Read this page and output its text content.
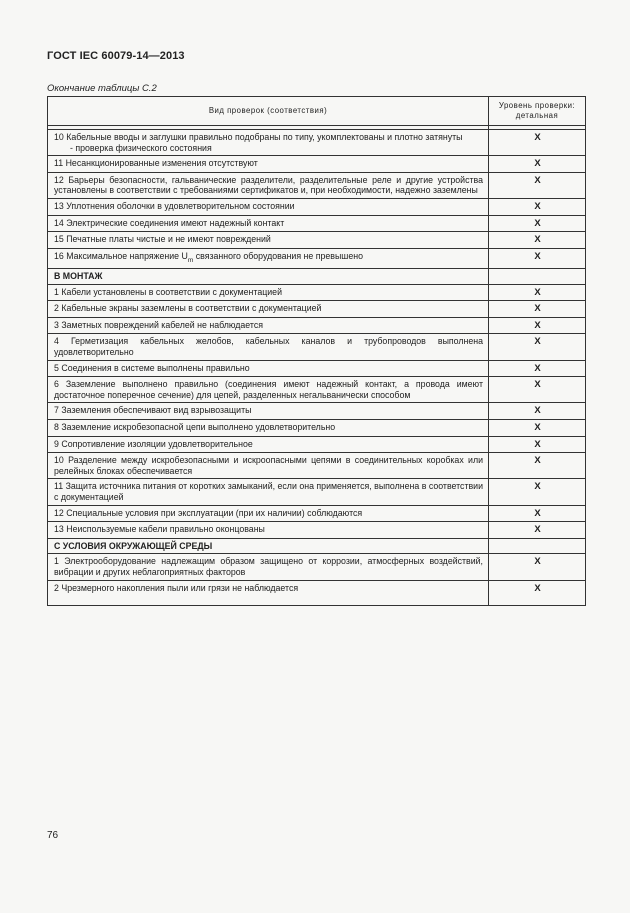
ГОСТ IEC 60079-14—2013
Окончание таблицы С.2
Вид проверок (соответствия)	Уровень проверки:
детальная

10 Кабельные вводы и заглушки правильно подобраны по типу, укомплектованы и плотно затянуты
- проверка физического состояния	X
11 Несанкционированные изменения отсутствуют	X
12 Барьеры безопасности, гальванические разделители, разделительные реле и другие устройства установлены в соответствии с требованиями сертификатов и, при необходимости, надежно заземлены	X
13 Уплотнения оболочки в удовлетворительном состоянии	X
14 Электрические соединения имеют надежный контакт	X
15 Печатные платы чистые и не имеют повреждений	X
16 Максимальное напряжение $U_m$ связанного оборудования не превышено	X
B МОНТАЖ	
1 Кабели установлены в соответствии с документацией	X
2 Кабельные экраны заземлены в соответствии с документацией	X
3 Заметных повреждений кабелей не наблюдается	X
4 Герметизация кабельных желобов, кабельных каналов и трубопроводов выполнена удовлетворительно	X
5 Соединения в системе выполнены правильно	X
6 Заземление выполнено правильно (соединения имеют надежный контакт, а провода имеют достаточное поперечное сечение) для цепей, разделенных негальванически способом	X
7 Заземления обеспечивают вид взрывозащиты	X
8 Заземление искробезопасной цепи выполнено удовлетворительно	X
9 Сопротивление изоляции удовлетворительное	X
10 Разделение между искробезопасными и искроопасными цепями в соединительных коробках или релейных блоках обеспечивается	X
11 Защита источника питания от коротких замыканий, если она применяется, выполнена в соответствии с документацией	X
12 Специальные условия при эксплуатации (при их наличии) соблюдаются	X
13 Неиспользуемые кабели правильно оконцованы	X
C УСЛОВИЯ ОКРУЖАЮЩЕЙ СРЕДЫ	
1 Электрооборудование надлежащим образом защищено от коррозии, атмосферных воздействий, вибрации и других неблагоприятных факторов	X
2 Чрезмерного накопления пыли или грязи не наблюдается	X
76
